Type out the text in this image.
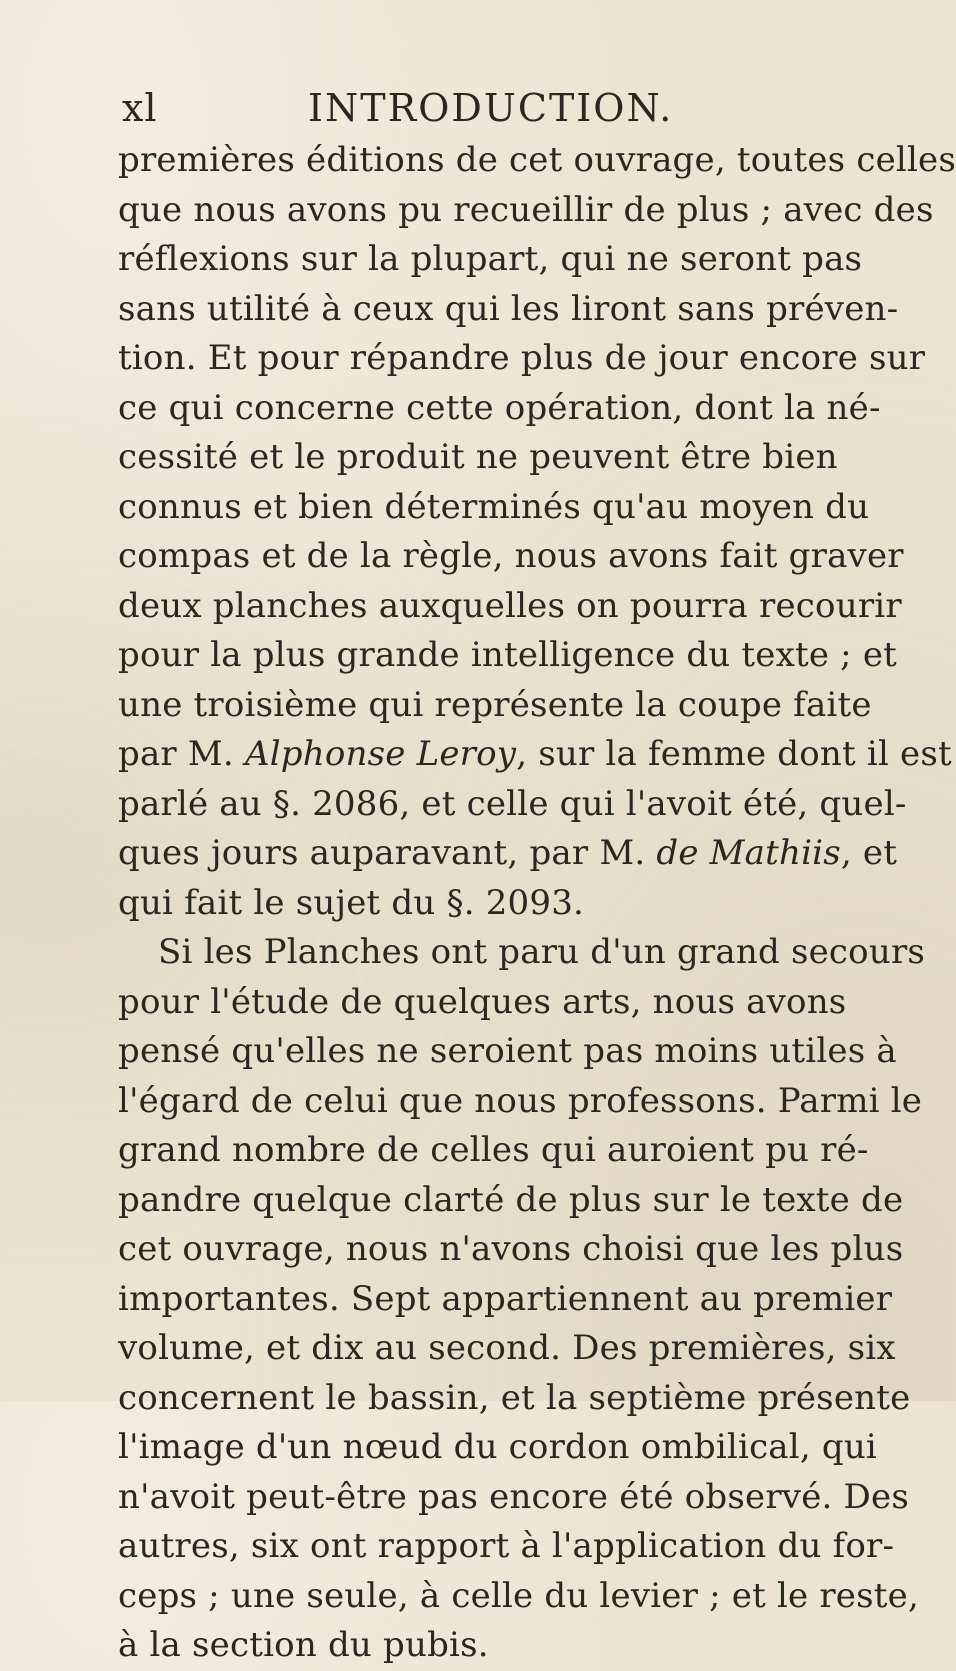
xl	INTRODUCTION.
premières éditions de cet ouvrage, toutes celles
que nous avons pu recueillir de plus ; avec des
réflexions sur la plupart, qui ne seront pas
sans utilité à ceux qui les liront sans préven-
tion. Et pour répandre plus de jour encore sur
ce qui concerne cette opération, dont la né-
cessité et le produit ne peuvent être bien
connus et bien déterminés qu'au moyen du
compas et de la règle, nous avons fait graver
deux planches auxquelles on pourra recourir
pour la plus grande intelligence du texte ; et
une troisième qui représente la coupe faite
par M. Alphonse Leroy, sur la femme dont il est
parlé au §. 2086, et celle qui l'avoit été, quel-
ques jours auparavant, par M. de Mathiis, et
qui fait le sujet du §. 2093.
Si les Planches ont paru d'un grand secours
pour l'étude de quelques arts, nous avons
pensé qu'elles ne seroient pas moins utiles à
l'égard de celui que nous professons. Parmi le
grand nombre de celles qui auroient pu ré-
pandre quelque clarté de plus sur le texte de
cet ouvrage, nous n'avons choisi que les plus
importantes. Sept appartiennent au premier
volume, et dix au second. Des premières, six
concernent le bassin, et la septième présente
l'image d'un nœud du cordon ombilical, qui
n'avoit peut-être pas encore été observé. Des
autres, six ont rapport à l'application du for-
ceps ; une seule, à celle du levier ; et le reste,
à la section du pubis.
